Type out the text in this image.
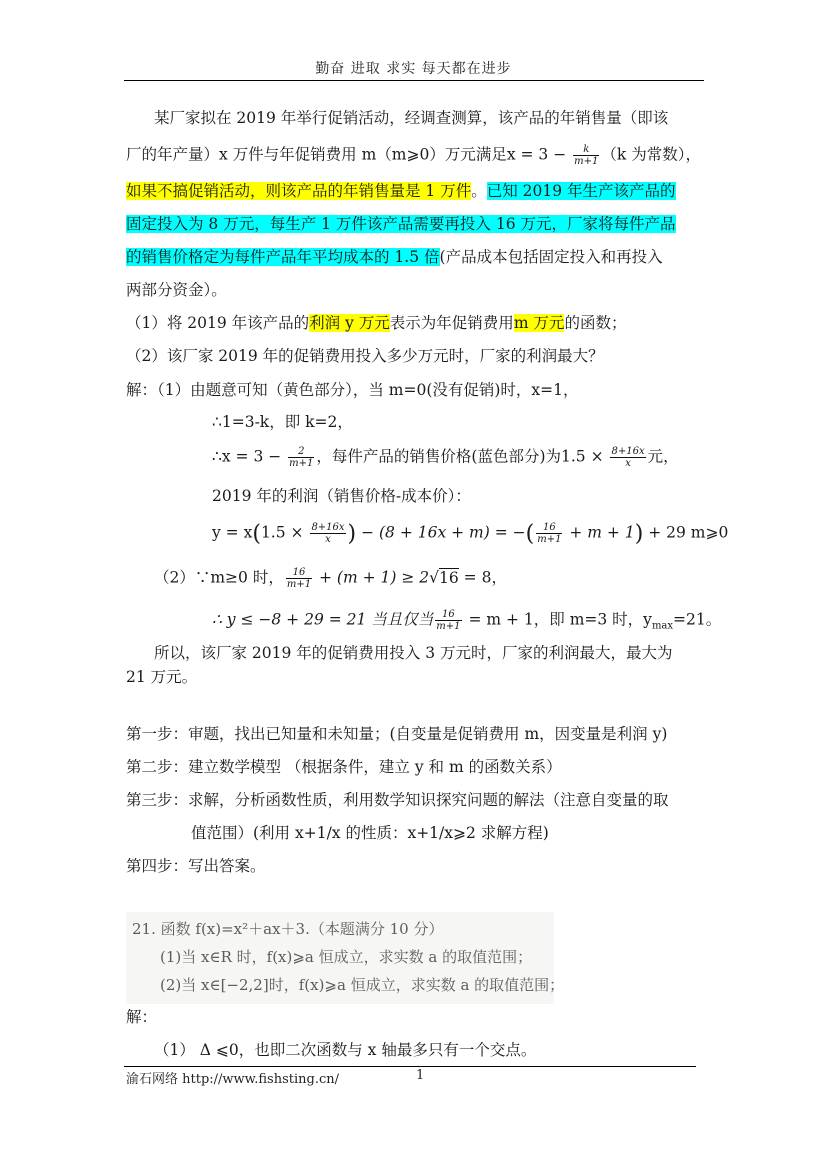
勤奋 进取 求实 每天都在进步
某厂家拟在 2019 年举行促销活动，经调查测算，该产品的年销售量（即该
厂的年产量）x 万件与年促销费用 m（m⩾0）万元满足$x = 3 - \frac{k}{m+1} (k$ 为常数），
如果不搞促销活动，则该产品的年销售量是 1 万件。已知 2019 年生产该产品的
固定投入为 8 万元，每生产 1 万件该产品需要再投入 16 万元，厂家将每件产品
的销售价格定为每件产品年平均成本的 1.5 倍(产品成本包括固定投入和再投入
两部分资金）。
（1）将 2019 年该产品的利润 y 万元表示为年促销费用m 万元的函数；
（2）该厂家 2019 年的促销费用投入多少万元时，厂家的利润最大？
解：（1）由题意可知（黄色部分），当 m=0(没有促销)时，x=1，
∴1=3-k，即 k=2，
∴x = $3 - \frac{2}{m+1}$ ，每件产品的销售价格(蓝色部分)为$1.5 \times \frac{8+16x}{x}$ 元，
2019 年的利润（销售价格-成本价）：
$y = x(1.5 \times \frac{8+16x}{x}$ ) − (8 + 16x + m) = −( $\frac{16}{m+1} + m + 1) + 29$ m⩾0
（2）∵m≥0 时， $\frac{16}{m+1} + (m + 1) \ge 2√16 = 8$，
∴ y ≤ −8 + 29 = 21 当且仅当 $\frac{16}{m+1} = m + 1$，即 m=3 时，$y_{max}=21$。
所以，该厂家 2019 年的促销费用投入 3 万元时，厂家的利润最大，最大为
21 万元。
第一步：审题，找出已知量和未知量；(自变量是促销费用 m，因变量是利润 y)
第二步：建立数学模型 （根据条件，建立 y 和 m 的函数关系）
第三步：求解，分析函数性质，利用数学知识探究问题的解法（注意自变量的取
值范围）(利用 x+1/x 的性质：x+1/x⩾2 求解方程)
第四步：写出答案。
21. 函数 f(x)=x²＋ax＋3.（本题满分 10 分）
(1)当 x∈R 时，f(x)⩾a 恒成立，求实数 a 的取值范围；
(2)当 x∈[−2,2]时，f(x)⩾a 恒成立，求实数 a 的取值范围；
解：
（1） Δ ⩽0，也即二次函数与 x 轴最多只有一个交点。
渝石网络 http://www.fishsting.cn/	1
